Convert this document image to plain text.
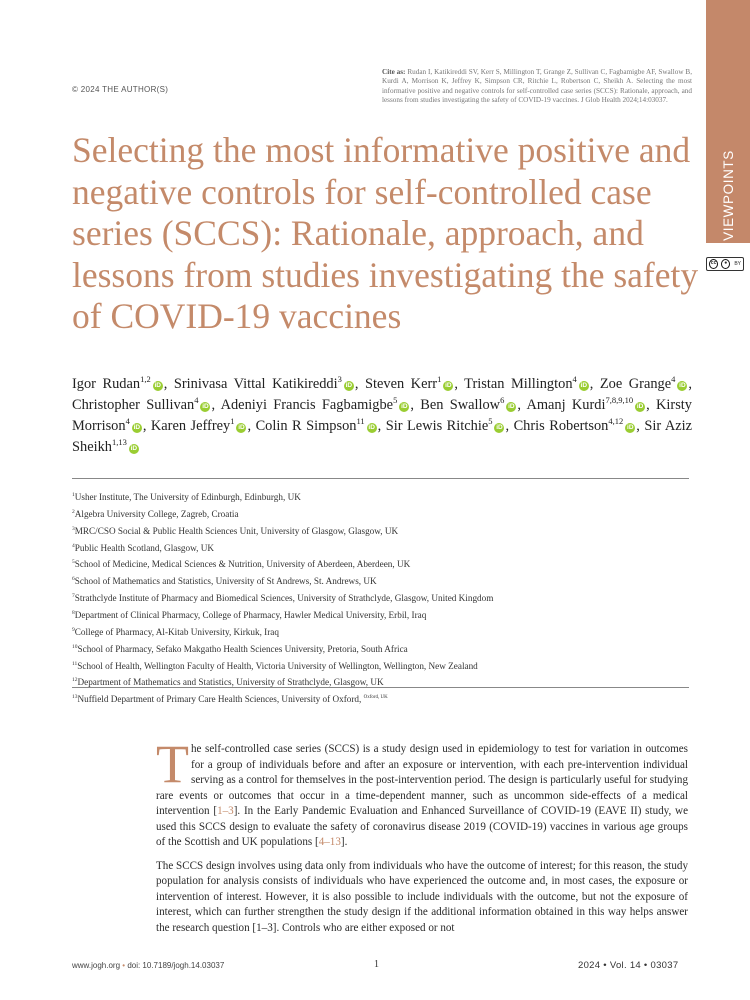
© 2024 THE AUTHOR(S)
Cite as: Rudan I, Katikireddi SV, Kerr S, Millington T, Grange Z, Sullivan C, Fagbamigbe AF, Swallow B, Kurdi A, Morrison K, Jeffrey K, Simpson CR, Ritchie L, Robertson C, Sheikh A. Selecting the most informative positive and negative controls for self-controlled case series (SCCS): Rationale, approach, and lessons from studies investigating the safety of COVID-19 vaccines. J Glob Health 2024;14:03037.
VIEWPOINTS
cc	●	BY
Selecting the most informative positive and negative controls for self-controlled case series (SCCS): Rationale, approach, and lessons from studies investigating the safety of COVID-19 vaccines

Igor Rudan$^{1,2}$iD , Srinivasa Vittal Katikireddi$^3$iD , Steven Kerr$^1$iD , Tristan Millington$^4$iD , Zoe Grange$^4$iD , Christopher Sullivan$^4$iD , Adeniyi Francis Fagbamigbe$^5$iD , Ben Swallow$^6$iD , Amanj Kurdi$^{7,8,9,10}$iD , Kirsty Morrison$^4$iD , Karen Jeffrey$^1$iD , Colin R Simpson$^{11}$iD , Sir Lewis Ritchie$^5$iD , Chris Robertson$^{4,12}$iD , Sir Aziz Sheikh$^{1,13}$iD

$^1$Usher Institute, The University of Edinburgh, Edinburgh, UK
$^2$Algebra University College, Zagreb, Croatia
$^3$MRC/CSO Social & Public Health Sciences Unit, University of Glasgow, Glasgow, UK
$^4$Public Health Scotland, Glasgow, UK
$^5$School of Medicine, Medical Sciences & Nutrition, University of Aberdeen, Aberdeen, UK
$^6$School of Mathematics and Statistics, University of St Andrews, St. Andrews, UK
$^7$Strathclyde Institute of Pharmacy and Biomedical Sciences, University of Strathclyde, Glasgow, United Kingdom
$^8$Department of Clinical Pharmacy, College of Pharmacy, Hawler Medical University, Erbil, Iraq
$^9$College of Pharmacy, Al-Kitab University, Kirkuk, Iraq
$^{10}$School of Pharmacy, Sefako Makgatho Health Sciences University, Pretoria, South Africa
$^{11}$School of Health, Wellington Faculty of Health, Victoria University of Wellington, Wellington, New Zealand
$^{12}$Department of Mathematics and Statistics, University of Strathclyde, Glasgow, UK
$^{13}$Nuffield Department of Primary Care Health Sciences, University of Oxford, $^{Oxford, UK}$

The self-controlled case series (SCCS) is a study design used in epidemiology to test for variation in outcomes for a group of individuals before and after an exposure or intervention, with each pre-intervention individual serving as a control for themselves in the post-intervention period. The design is particularly useful for studying rare events or outcomes that occur in a time-dependent manner, such as uncommon side-effects of a medical intervention [1–3]. In the Early Pandemic Evaluation and Enhanced Surveillance of COVID-19 (EAVE II) study, we used this SCCS design to evaluate the safety of coronavirus disease 2019 (COVID-19) vaccines in various age groups of the Scottish and UK populations [4–13].

The SCCS design involves using data only from individuals who have the outcome of interest; for this reason, the study population for analysis consists of individuals who have experienced the outcome and, in most cases, the exposure or intervention of interest. However, it is also possible to include individuals with the outcome, but not the exposure of interest, which can further strengthen the study design if the additional information obtained in this way helps answer the research question [1–3]. Controls who are either exposed or not

www.jogh.org • doi: 10.7189/jogh.14.03037	1	2024 • Vol. 14 • 03037
